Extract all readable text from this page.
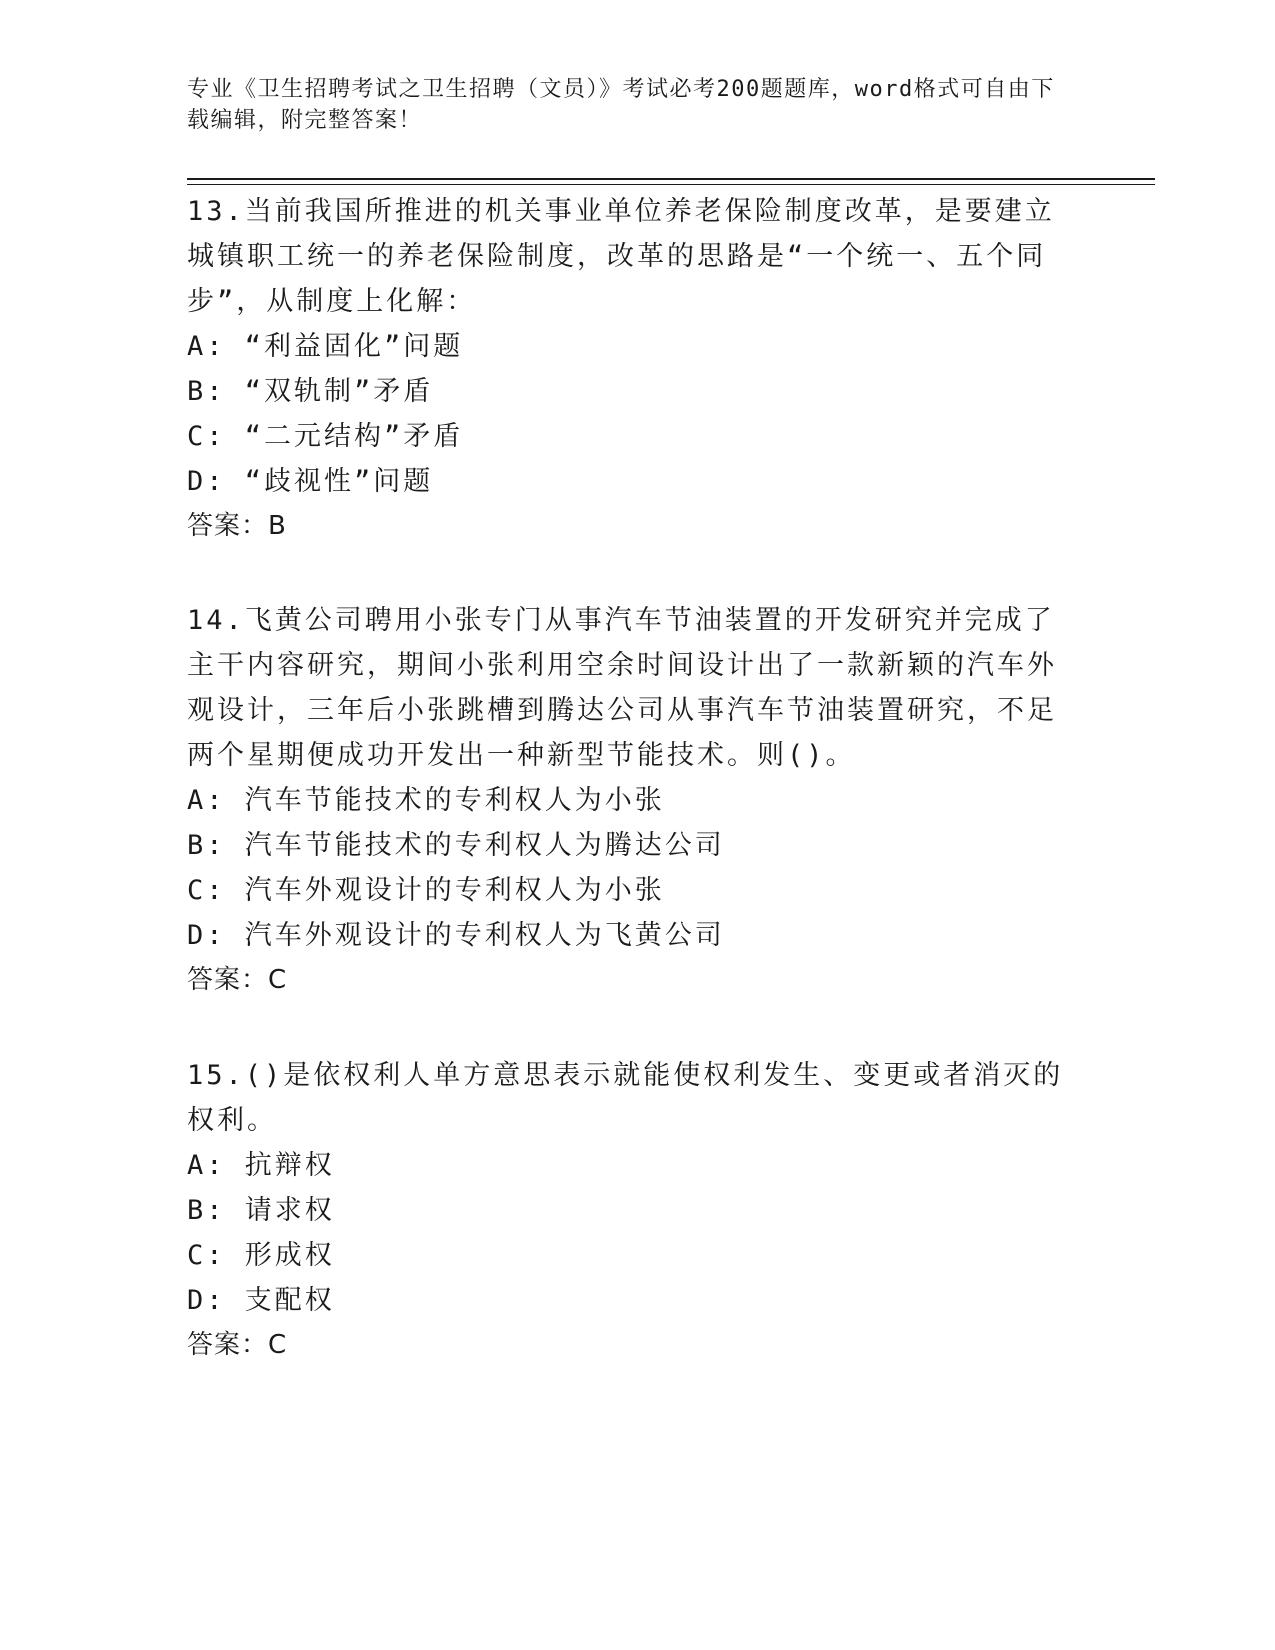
专业《卫生招聘考试之卫生招聘（文员）》考试必考200题题库，word格式可自由下载编辑，附完整答案！

13.当前我国所推进的机关事业单位养老保险制度改革，是要建立城镇职工统一的养老保险制度，改革的思路是“一个统一、五个同步”，从制度上化解：

A: “利益固化”问题

B: “双轨制”矛盾

C: “二元结构”矛盾

D: “歧视性”问题

答案：B

14.飞黄公司聘用小张专门从事汽车节油装置的开发研究并完成了主干内容研究，期间小张利用空余时间设计出了一款新颖的汽车外观设计，三年后小张跳槽到腾达公司从事汽车节油装置研究，不足两个星期便成功开发出一种新型节能技术。则()。

A: 汽车节能技术的专利权人为小张

B: 汽车节能技术的专利权人为腾达公司

C: 汽车外观设计的专利权人为小张

D: 汽车外观设计的专利权人为飞黄公司

答案：C

15.()是依权利人单方意思表示就能使权利发生、变更或者消灭的权利。

A: 抗辩权

B: 请求权

C: 形成权

D: 支配权

答案：C
